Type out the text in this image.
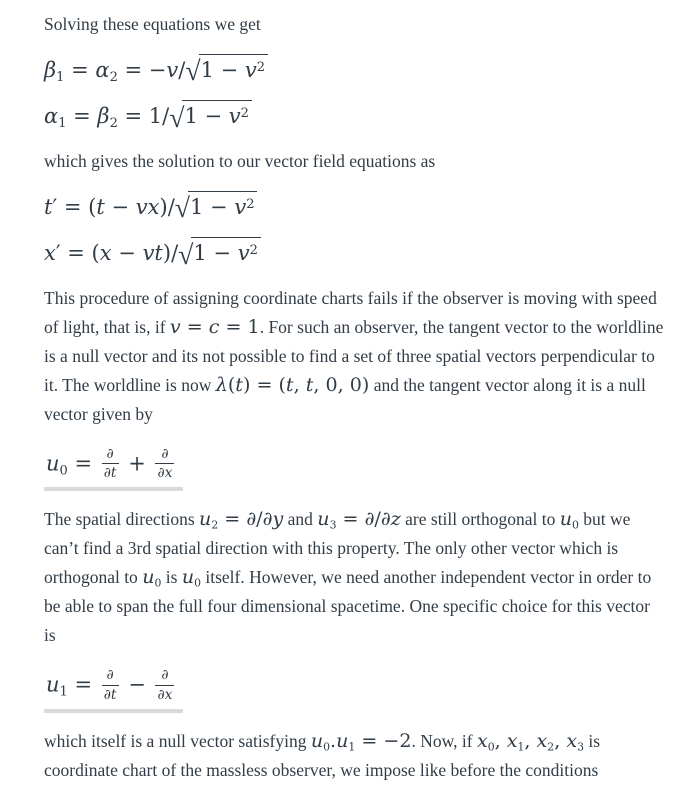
Solving these equations we get

$\beta_1 = \alpha_2 = -v/√1 - v^2$
$\alpha_1 = \beta_2 = 1/√1 - v^2$

which gives the solution to our vector field equations as

$t' = (t - vx)/√1 - v^2$
$x' = (x - vt)/√1 - v^2$

This procedure of assigning coordinate charts fails if the observer is moving with speed of light, that is, if v = c = 1. For such an observer, the tangent vector to the worldline is a null vector and its not possible to find a set of three spatial vectors perpendicular to it. The worldline is now λ(t) = (t, t, 0, 0) and the tangent vector along it is a null vector given by

$u_0 = \frac{\partial}{\partial t} + \frac{\partial}{\partial x}$

The spatial directions $u_2 = \partial/\partial y$ and $u_3 = \partial/\partial z$ are still orthogonal to $u_0$ but we can’t find a 3rd spatial direction with this property. The only other vector which is orthogonal to $u_0$ is $u_0$ itself. However, we need another independent vector in order to be able to span the full four dimensional spacetime. One specific choice for this vector is

$u_1 = \frac{\partial}{\partial t} - \frac{\partial}{\partial x}$

which itself is a null vector satisfying $u_0.u_1 = -2$. Now, if $x_0$, $x_1$, $x_2$, $x_3$ is coordinate chart of the massless observer, we impose like before the conditions
